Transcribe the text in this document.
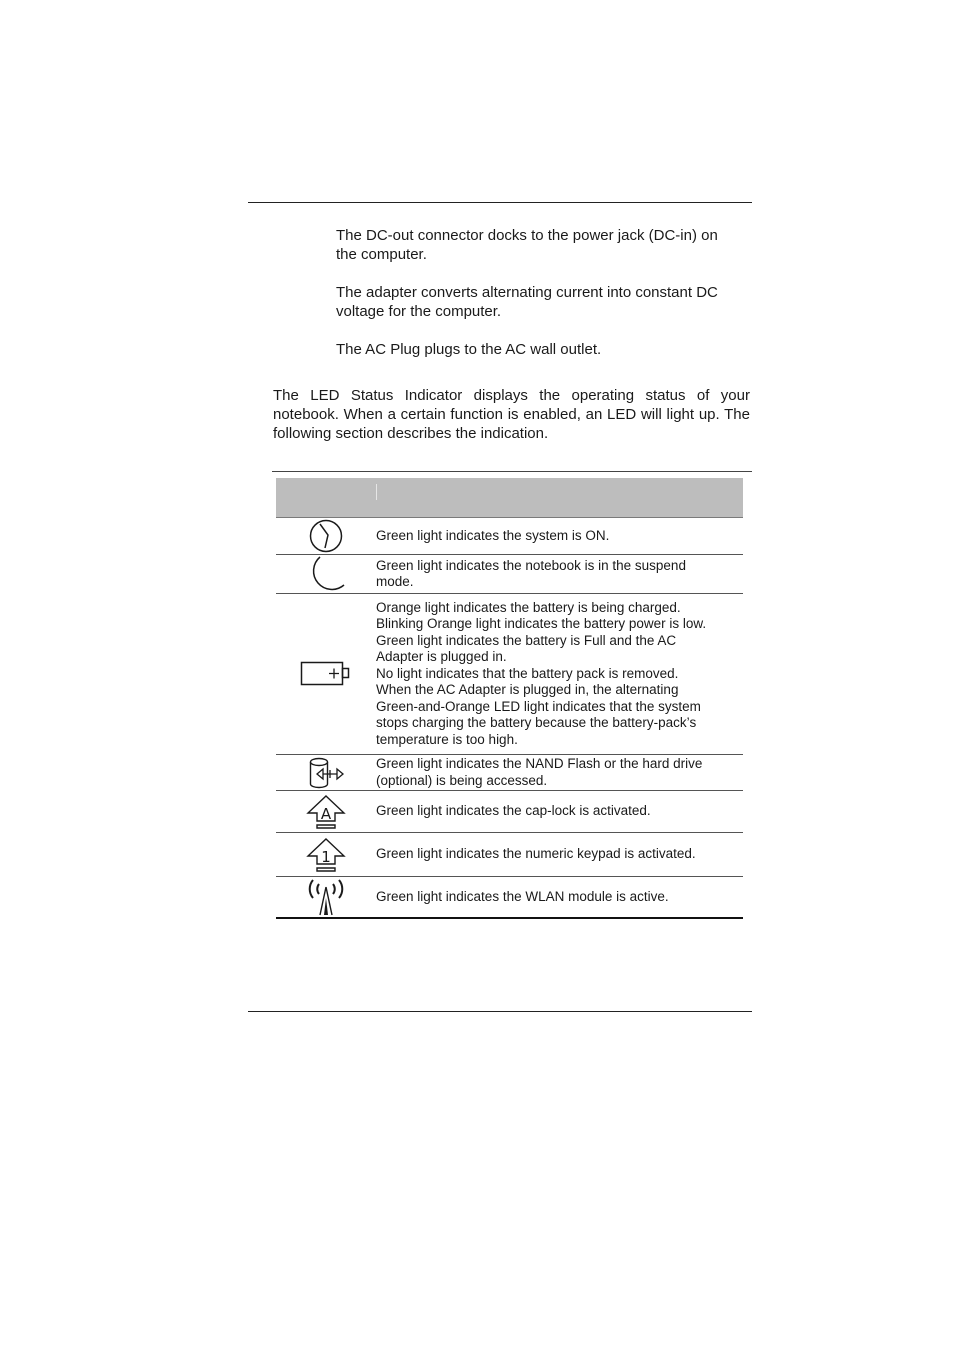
The DC-out connector docks to the power jack (DC-in) on
the computer.

The adapter converts alternating current into constant DC
voltage for the computer.

The AC Plug plugs to the AC wall outlet.

The LED Status Indicator displays the operating status of your notebook. When a certain function is enabled, an LED will light up. The following section describes the indication.

Green light indicates the system is ON.
Green light indicates the notebook is in the suspend
mode.
Orange light indicates the battery is being charged.
Blinking Orange light indicates the battery power is low.
Green light indicates the battery is Full and the AC
Adapter is plugged in.
No light indicates that the battery pack is removed.
When the AC Adapter is plugged in, the alternating
Green-and-Orange LED light indicates that the system
stops charging the battery because the battery-pack’s
temperature is too high.
Green light indicates the NAND Flash or the hard drive
(optional) is being accessed.
A	Green light indicates the cap-lock is activated.
1	Green light indicates the numeric keypad is activated.
Green light indicates the WLAN module is active.
